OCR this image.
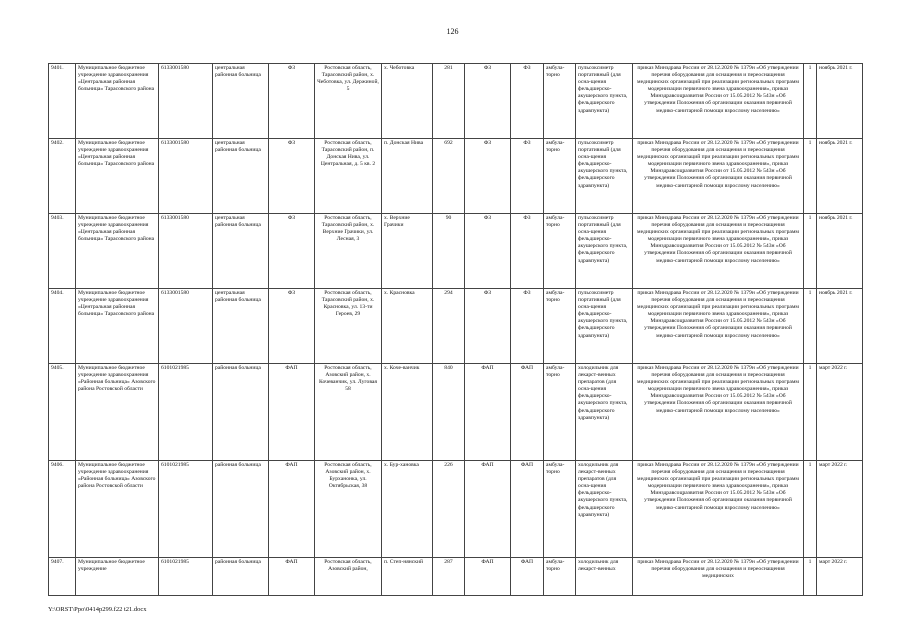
126
9401.	Муниципальное бюджетное учреждение здравоохранения «Центральная районная больница» Тарасовского района	6133001580	центральная районная больница	ФЗ	Ростовская область, Тарасовский район, х. Чеботовка, ул. Держиной, 5	х. Чеботовка	281	ФЗ	ФЗ	амбула-торно	пульсоксиметр портативный (для осна-щения фельдшерско-акушерского пункта, фельдшерского здравпункта)	приказ Минздрава России от 28.12.2020 № 1379н «Об утверждении перечня оборудования для оснащения и переоснащения медицинских организаций при реализации региональных программ модернизации первичного звена здравоохранения», приказ Минздравсоцразвития России от 15.05.2012 № 543н «Об утверждении Положения об организации оказания первичной медико-санитарной помощи взрослому населению»	1	ноябрь 2021 г.
9402.	Муниципальное бюджетное учреждение здравоохранения «Центральная районная больница» Тарасовского района	6133001580	центральная районная больница	ФЗ	Ростовская область, Тарасовский район, п. Донская Нива, ул. Центральная, д. 5 кв. 2	п. Донская Нива	692	ФЗ	ФЗ	амбула-торно	пульсоксиметр портативный (для осна-щения фельдшерско-акушерского пункта, фельдшерского здравпункта)	приказ Минздрава России от 28.12.2020 № 1379н «Об утверждении перечня оборудования для оснащения и переоснащения медицинских организаций при реализации региональных программ модернизации первичного звена здравоохранения», приказ Минздравсоцразвития России от 15.05.2012 № 543н «Об утверждении Положения об организации оказания первичной медико-санитарной помощи взрослому населению»	1	ноябрь 2021 г.
9403.	Муниципальное бюджетное учреждение здравоохранения «Центральная районная больница» Тарасовского района	6133001580	центральная районная больница	ФЗ	Ростовская область, Тарасовский район, х. Верхние Грачики, ул. Лесная, 3	х. Верхние Грачики	90	ФЗ	ФЗ	амбула-торно	пульсоксиметр портативный (для осна-щения фельдшерско-акушерского пункта, фельдшерского здравпункта)	приказ Минздрава России от 28.12.2020 № 1379н «Об утверждении перечня оборудования для оснащения и переоснащения медицинских организаций при реализации региональных программ модернизации первичного звена здравоохранения», приказ Минздравсоцразвития России от 15.05.2012 № 543н «Об утверждении Положения об организации оказания первичной медико-санитарной помощи взрослому населению»	1	ноябрь 2021 г.
9404.	Муниципальное бюджетное учреждение здравоохранения «Центральная районная больница» Тарасовского района	6133001580	центральная районная больница	ФЗ	Ростовская область, Тарасовский район, х. Красновка, ул. 13-ти Героев, 29	х. Красновка	294	ФЗ	ФЗ	амбула-торно	пульсоксиметр портативный (для осна-щения фельдшерско-акушерского пункта, фельдшерского здравпункта)	приказ Минздрава России от 28.12.2020 № 1379н «Об утверждении перечня оборудования для оснащения и переоснащения медицинских организаций при реализации региональных программ модернизации первичного звена здравоохранения», приказ Минздравсоцразвития России от 15.05.2012 № 543н «Об утверждении Положения об организации оказания первичной медико-санитарной помощи взрослому населению»	1	ноябрь 2021 г.
9405.	Муниципальное бюджетное учреждение здравоохранения «Районная больница» Азовского района Ростовской области	6101021985	районная больница	ФАП	Ростовская область, Азовский район, х. Кочеванчик, ул. Луговая 58	х. Коче-ванчик	840	ФАП	ФАП	амбула-торно	холодильник для лекарст-венных препаратов (для осна-щения фельдшерско-акушерского пункта, фельдшерского здравпункта)	приказ Минздрава России от 28.12.2020 № 1379н «Об утверждении перечня оборудования для оснащения и переоснащения медицинских организаций при реализации региональных программ модернизации первичного звена здравоохранения», приказ Минздравсоцразвития России от 15.05.2012 № 543н «Об утверждении Положения об организации оказания первичной медико-санитарной помощи взрослому населению»	1	март 2022 г.
9406.	Муниципальное бюджетное учреждение здравоохранения «Районная больница» Азовского района Ростовской области	6101021985	районная больница	ФАП	Ростовская область, Азовский район, х. Бурханонка, ул. Октябрьская, 38	х. Бур-хановка	226	ФАП	ФАП	амбула-торно	холодильник для лекарст-венных препаратов (для осна-щения фельдшерско-акушерского пункта, фельдшерского здравпункта)	приказ Минздрава России от 28.12.2020 № 1379н «Об утверждении перечня оборудования для оснащения и переоснащения медицинских организаций при реализации региональных программ модернизации первичного звена здравоохранения», приказ Минздравсоцразвития России от 15.05.2012 № 543н «Об утверждении Положения об организации оказания первичной медико-санитарной помощи взрослому населению»	1	март 2022 г.
9407.	Муниципальное бюджетное учреждение	6101021985	районная больница	ФАП	Ростовская область, Азовский район,	п. Степ-нянский	287	ФАП	ФАП	амбула-торно	холодильник для лекарст-венных	приказ Минздрава России от 28.12.2020 № 1379н «Об утверждении перечня оборудования для оснащения и переоснащения медицинских	1	март 2022 г.
Y:\ORST\Ppo\0414p299.f22 t21.docx
